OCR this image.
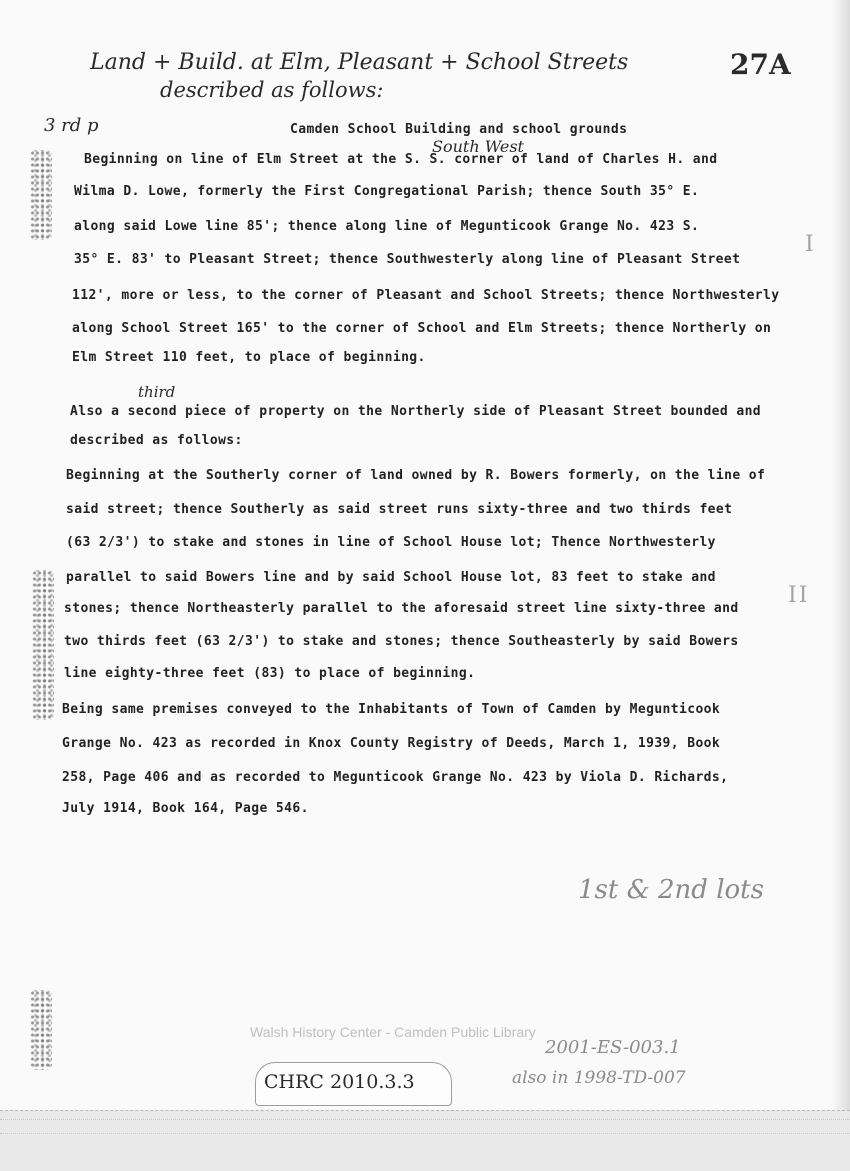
Land + Build. at Elm, Pleasant + School Streets
described as follows:
27A
3 rd p
South West
third
Camden School Building and school grounds
Beginning on line of Elm Street at the S. S. corner of land of Charles H. and
Wilma D. Lowe, formerly the First Congregational Parish; thence South 35° E.
along said Lowe line 85'; thence along line of Megunticook Grange No. 423 S.
35° E. 83' to Pleasant Street; thence Southwesterly along line of Pleasant Street
112', more or less, to the corner of Pleasant and School Streets; thence Northwesterly
along School Street 165' to the corner of School and Elm Streets; thence Northerly on
Elm Street 110 feet, to place of beginning.
I
Also a second piece of property on the Northerly side of Pleasant Street bounded and
described as follows:
Beginning at the Southerly corner of land owned by R. Bowers formerly, on the line of
said street; thence Southerly as said street runs sixty-three and two thirds feet
(63 2/3') to stake and stones in line of School House lot; Thence Northwesterly
parallel to said Bowers line and by said School House lot, 83 feet to stake and
stones; thence Northeasterly parallel to the aforesaid street line sixty-three and
two thirds feet (63 2/3') to stake and stones; thence Southeasterly by said Bowers
line eighty-three feet (83) to place of beginning.
II
Being same premises conveyed to the Inhabitants of Town of Camden by Megunticook
Grange No. 423 as recorded in Knox County Registry of Deeds, March 1, 1939, Book
258, Page 406 and as recorded to Megunticook Grange No. 423 by Viola D. Richards,
July 1914, Book 164, Page 546.
1st & 2nd lots
2001-ES-003.1
also in 1998-TD-007
Walsh History Center - Camden Public Library
CHRC 2010.3.3
